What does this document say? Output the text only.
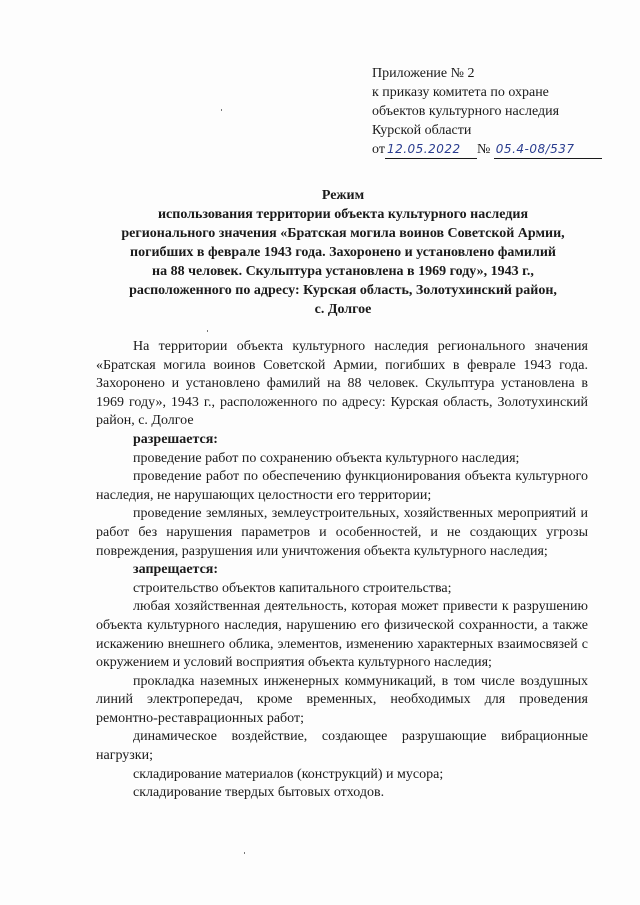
Приложение № 2
к приказу комитета по охране
объектов культурного наследия
Курской области
от 12.05.2022 № 05.4-08/537
Режим
использования территории объекта культурного наследия
регионального значения «Братская могила воинов Советской Армии,
погибших в феврале 1943 года. Захоронено и установлено фамилий
на 88 человек. Скульптура установлена в 1969 году», 1943 г.,
расположенного по адресу: Курская область, Золотухинский район,
с. Долгое
На территории объекта культурного наследия регионального значения «Братская могила воинов Советской Армии, погибших в феврале 1943 года. Захоронено и установлено фамилий на 88 человек. Скульптура установлена в 1969 году», 1943 г., расположенного по адресу: Курская область, Золотухинский район, с. Долгое
разрешается:
проведение работ по сохранению объекта культурного наследия;
проведение работ по обеспечению функционирования объекта культурного наследия, не нарушающих целостности его территории;
проведение земляных, землеустроительных, хозяйственных мероприятий и работ без нарушения параметров и особенностей, и не создающих угрозы повреждения, разрушения или уничтожения объекта культурного наследия;
запрещается:
строительство объектов капитального строительства;
любая хозяйственная деятельность, которая может привести к разрушению объекта культурного наследия, нарушению его физической сохранности, а также искажению внешнего облика, элементов, изменению характерных взаимосвязей с окружением и условий восприятия объекта культурного наследия;
прокладка наземных инженерных коммуникаций, в том числе воздушных линий электропередач, кроме временных, необходимых для проведения ремонтно-реставрационных работ;
динамическое воздействие, создающее разрушающие вибрационные нагрузки;
складирование материалов (конструкций) и мусора;
складирование твердых бытовых отходов.
